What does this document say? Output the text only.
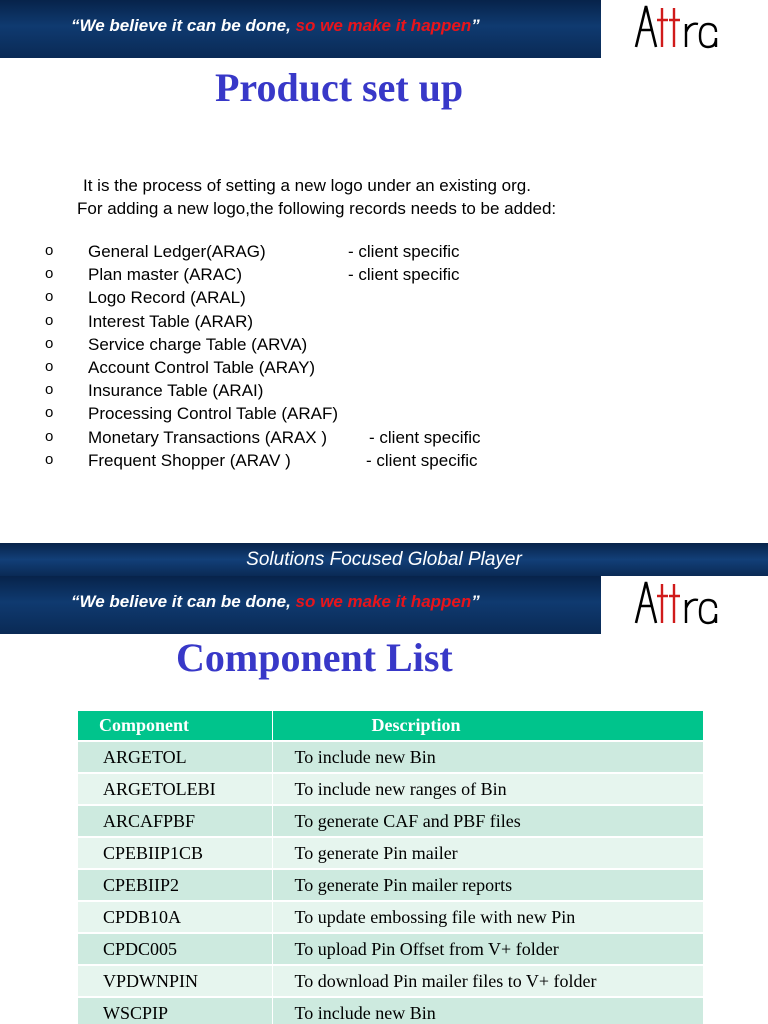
“We believe it can be done, so we make it happen”
Product set up
It is the process of setting a new logo under an existing org.
For adding a new logo,the following records needs to be added:
o General Ledger(ARAG)	- client specific
o Plan master (ARAC)	- client specific
o Logo Record (ARAL)
o Interest Table (ARAR)
o Service charge Table (ARVA)
o Account Control Table (ARAY)
o Insurance Table (ARAI)
o Processing Control Table (ARAF)
o Monetary Transactions (ARAX ) - client specific
o Frequent Shopper (ARAV )	- client specific
Solutions Focused Global Player
“We believe it can be done, so we make it happen”
Component List
Component	Description
ARGETOL	To include new Bin
ARGETOLEBI	To include new ranges of Bin
ARCAFPBF	To generate CAF and PBF files
CPEBIIP1CB	To generate Pin mailer
CPEBIIP2	To generate Pin mailer reports
CPDB10A	To update embossing file with new Pin
CPDC005	To upload Pin Offset from V+ folder
VPDWNPIN	To download Pin mailer files to V+ folder
WSCPIP	To include new Bin
